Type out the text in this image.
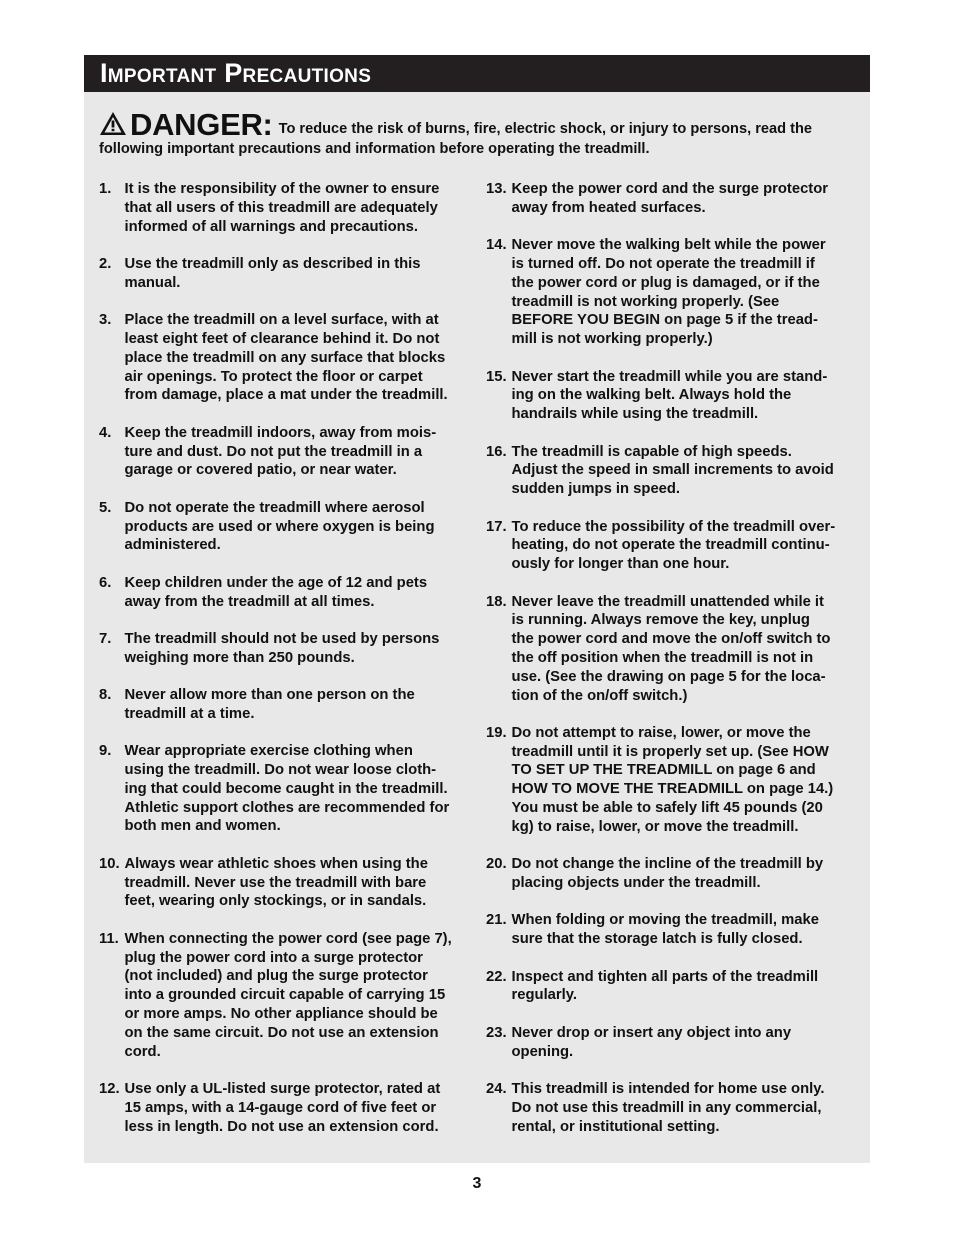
Important Precautions
DANGER: To reduce the risk of burns, fire, electric shock, or injury to persons, read the following important precautions and information before operating the treadmill.
1. It is the responsibility of the owner to ensure
that all users of this treadmill are adequately
informed of all warnings and precautions.
2. Use the treadmill only as described in this
manual.
3. Place the treadmill on a level surface, with at
least eight feet of clearance behind it. Do not
place the treadmill on any surface that blocks
air openings. To protect the floor or carpet
from damage, place a mat under the treadmill.
4. Keep the treadmill indoors, away from mois-
ture and dust. Do not put the treadmill in a
garage or covered patio, or near water.
5. Do not operate the treadmill where aerosol
products are used or where oxygen is being
administered.
6. Keep children under the age of 12 and pets
away from the treadmill at all times.
7. The treadmill should not be used by persons
weighing more than 250 pounds.
8. Never allow more than one person on the
treadmill at a time.
9. Wear appropriate exercise clothing when
using the treadmill. Do not wear loose cloth-
ing that could become caught in the treadmill.
Athletic support clothes are recommended for
both men and women.
10. Always wear athletic shoes when using the
treadmill. Never use the treadmill with bare
feet, wearing only stockings, or in sandals.
11. When connecting the power cord (see page 7),
plug the power cord into a surge protector
(not included) and plug the surge protector
into a grounded circuit capable of carrying 15
or more amps. No other appliance should be
on the same circuit. Do not use an extension
cord.
12. Use only a UL-listed surge protector, rated at
15 amps, with a 14-gauge cord of five feet or
less in length. Do not use an extension cord.
13. Keep the power cord and the surge protector
away from heated surfaces.
14. Never move the walking belt while the power
is turned off. Do not operate the treadmill if
the power cord or plug is damaged, or if the
treadmill is not working properly. (See
BEFORE YOU BEGIN on page 5 if the tread-
mill is not working properly.)
15. Never start the treadmill while you are stand-
ing on the walking belt. Always hold the
handrails while using the treadmill.
16. The treadmill is capable of high speeds.
Adjust the speed in small increments to avoid
sudden jumps in speed.
17. To reduce the possibility of the treadmill over-
heating, do not operate the treadmill continu-
ously for longer than one hour.
18. Never leave the treadmill unattended while it
is running. Always remove the key, unplug
the power cord and move the on/off switch to
the off position when the treadmill is not in
use. (See the drawing on page 5 for the loca-
tion of the on/off switch.)
19. Do not attempt to raise, lower, or move the
treadmill until it is properly set up. (See HOW
TO SET UP THE TREADMILL on page 6 and
HOW TO MOVE THE TREADMILL on page 14.)
You must be able to safely lift 45 pounds (20
kg) to raise, lower, or move the treadmill.
20. Do not change the incline of the treadmill by
placing objects under the treadmill.
21. When folding or moving the treadmill, make
sure that the storage latch is fully closed.
22. Inspect and tighten all parts of the treadmill
regularly.
23. Never drop or insert any object into any
opening.
24. This treadmill is intended for home use only.
Do not use this treadmill in any commercial,
rental, or institutional setting.
3
